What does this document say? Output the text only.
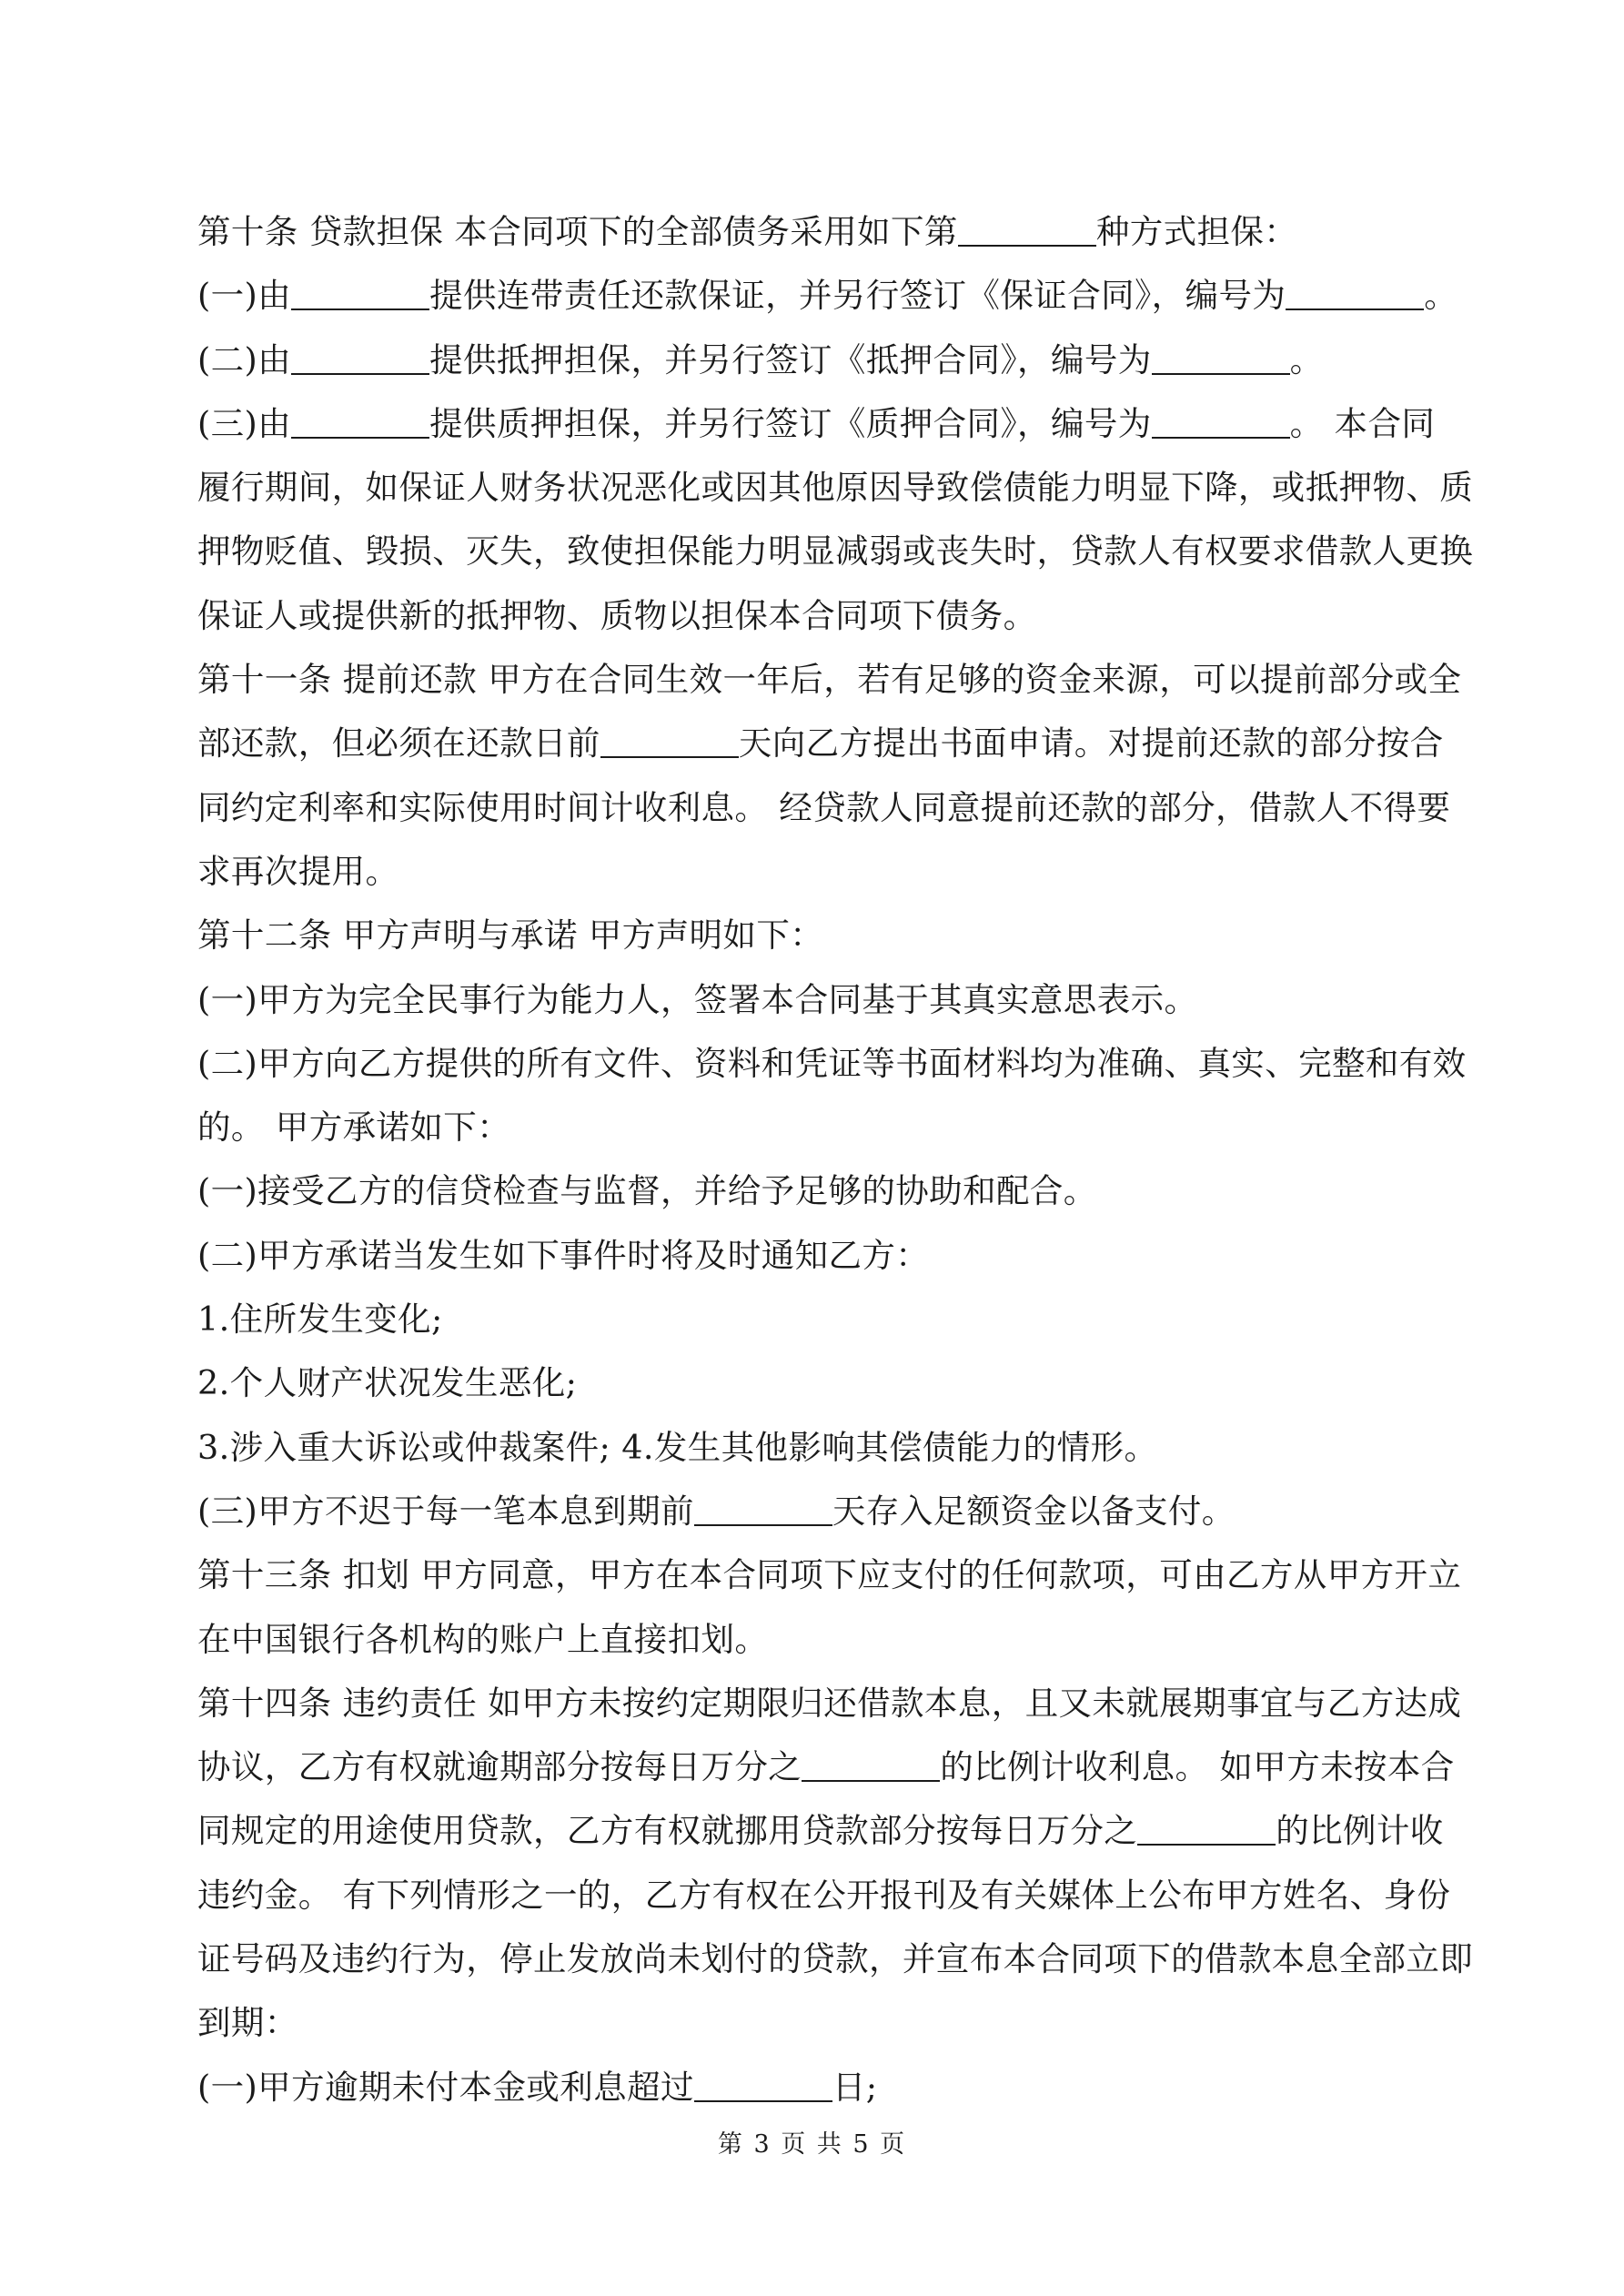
第十条 贷款担保 本合同项下的全部债务采用如下第	种方式担保：
(一)由	提供连带责任还款保证，并另行签订《保证合同》，编号为	。
(二)由	提供抵押担保，并另行签订《抵押合同》，编号为	。
(三)由	提供质押担保，并另行签订《质押合同》，编号为	。 本合同
履行期间，如保证人财务状况恶化或因其他原因导致偿债能力明显下降，或抵押物、质
押物贬值、毁损、灭失，致使担保能力明显减弱或丧失时，贷款人有权要求借款人更换
保证人或提供新的抵押物、质物以担保本合同项下债务。
第十一条 提前还款 甲方在合同生效一年后，若有足够的资金来源，可以提前部分或全
部还款，但必须在还款日前	天向乙方提出书面申请。对提前还款的部分按合
同约定利率和实际使用时间计收利息。 经贷款人同意提前还款的部分，借款人不得要
求再次提用。
第十二条 甲方声明与承诺 甲方声明如下：
(一)甲方为完全民事行为能力人，签署本合同基于其真实意思表示。
(二)甲方向乙方提供的所有文件、资料和凭证等书面材料均为准确、真实、完整和有效
的。 甲方承诺如下：
(一)接受乙方的信贷检查与监督，并给予足够的协助和配合。
(二)甲方承诺当发生如下事件时将及时通知乙方：
1.住所发生变化;
2.个人财产状况发生恶化;
3.涉入重大诉讼或仲裁案件; 4.发生其他影响其偿债能力的情形。
(三)甲方不迟于每一笔本息到期前	天存入足额资金以备支付。
第十三条 扣划 甲方同意，甲方在本合同项下应支付的任何款项，可由乙方从甲方开立
在中国银行各机构的账户上直接扣划。
第十四条 违约责任 如甲方未按约定期限归还借款本息，且又未就展期事宜与乙方达成
协议，乙方有权就逾期部分按每日万分之	的比例计收利息。 如甲方未按本合
同规定的用途使用贷款，乙方有权就挪用贷款部分按每日万分之	的比例计收
违约金。 有下列情形之一的，乙方有权在公开报刊及有关媒体上公布甲方姓名、身份
证号码及违约行为，停止发放尚未划付的贷款，并宣布本合同项下的借款本息全部立即
到期：
(一)甲方逾期未付本金或利息超过	日;
第 3 页 共 5 页
